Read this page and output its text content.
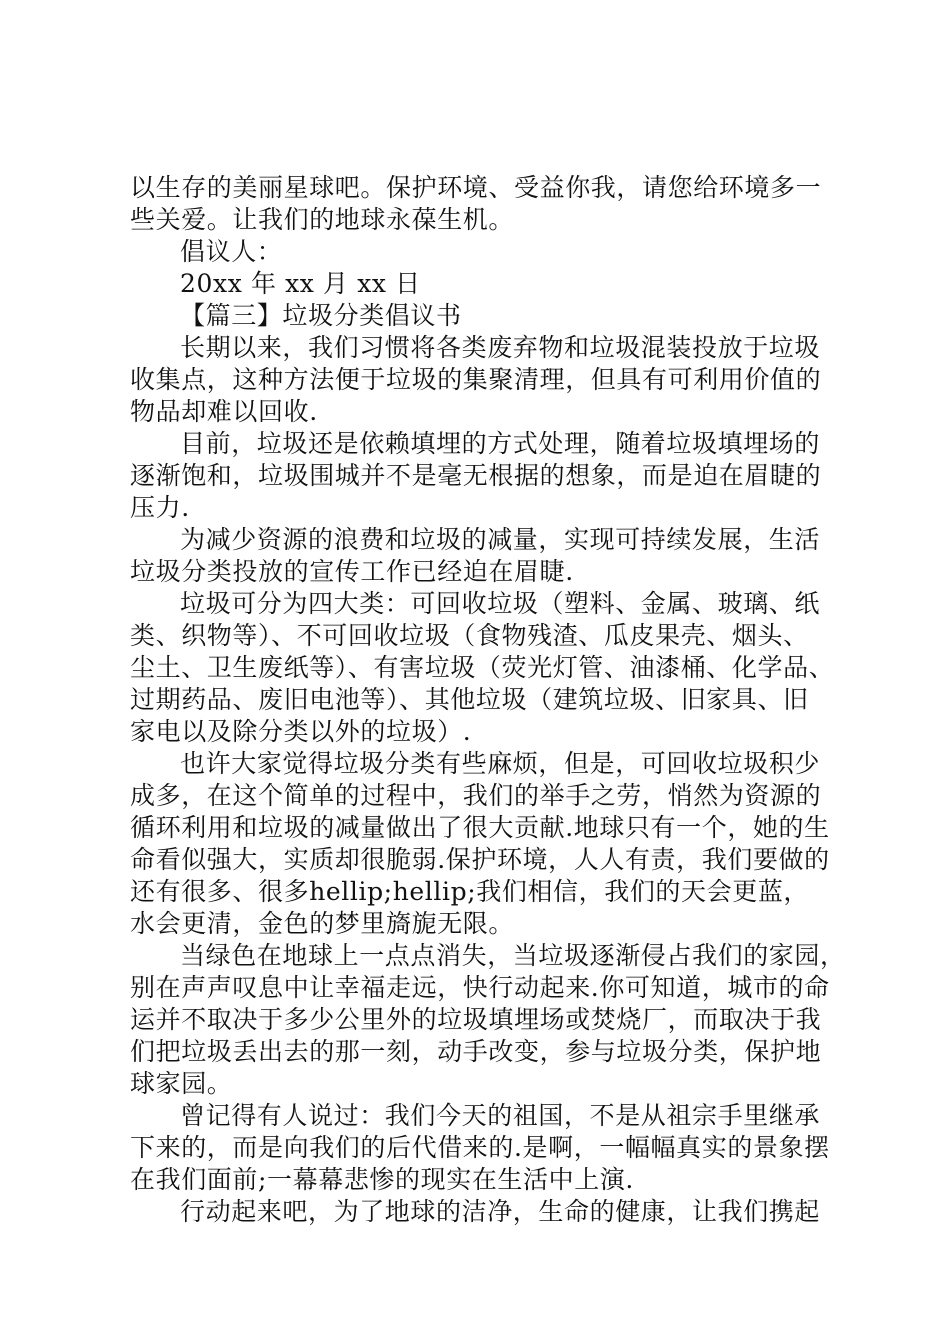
以生存的美丽星球吧。保护环境、受益你我，请您给环境多一
些关爱。让我们的地球永葆生机。
倡议人：
20xx 年 xx 月 xx 日
【篇三】垃圾分类倡议书
长期以来，我们习惯将各类废弃物和垃圾混装投放于垃圾
收集点，这种方法便于垃圾的集聚清理，但具有可利用价值的
物品却难以回收.
目前，垃圾还是依赖填埋的方式处理，随着垃圾填埋场的
逐渐饱和，垃圾围城并不是毫无根据的想象，而是迫在眉睫的
压力.
为减少资源的浪费和垃圾的减量，实现可持续发展，生活
垃圾分类投放的宣传工作已经迫在眉睫.
垃圾可分为四大类：可回收垃圾（塑料、金属、玻璃、纸
类、织物等）、不可回收垃圾（食物残渣、瓜皮果壳、烟头、
尘土、卫生废纸等）、有害垃圾（荧光灯管、油漆桶、化学品、
过期药品、废旧电池等）、其他垃圾（建筑垃圾、旧家具、旧
家电以及除分类以外的垃圾）.
也许大家觉得垃圾分类有些麻烦，但是，可回收垃圾积少
成多，在这个简单的过程中，我们的举手之劳，悄然为资源的
循环利用和垃圾的减量做出了很大贡献.地球只有一个，她的生
命看似强大，实质却很脆弱.保护环境，人人有责，我们要做的
还有很多、很多hellip;hellip;我们相信，我们的天会更蓝，
水会更清，金色的梦里旖旎无限。
当绿色在地球上一点点消失，当垃圾逐渐侵占我们的家园，
别在声声叹息中让幸福走远，快行动起来.你可知道，城市的命
运并不取决于多少公里外的垃圾填埋场或焚烧厂，而取决于我
们把垃圾丢出去的那一刻，动手改变，参与垃圾分类，保护地
球家园。
曾记得有人说过：我们今天的祖国，不是从祖宗手里继承
下来的，而是向我们的后代借来的.是啊，一幅幅真实的景象摆
在我们面前;一幕幕悲惨的现实在生活中上演.
行动起来吧，为了地球的洁净，生命的健康，让我们携起
